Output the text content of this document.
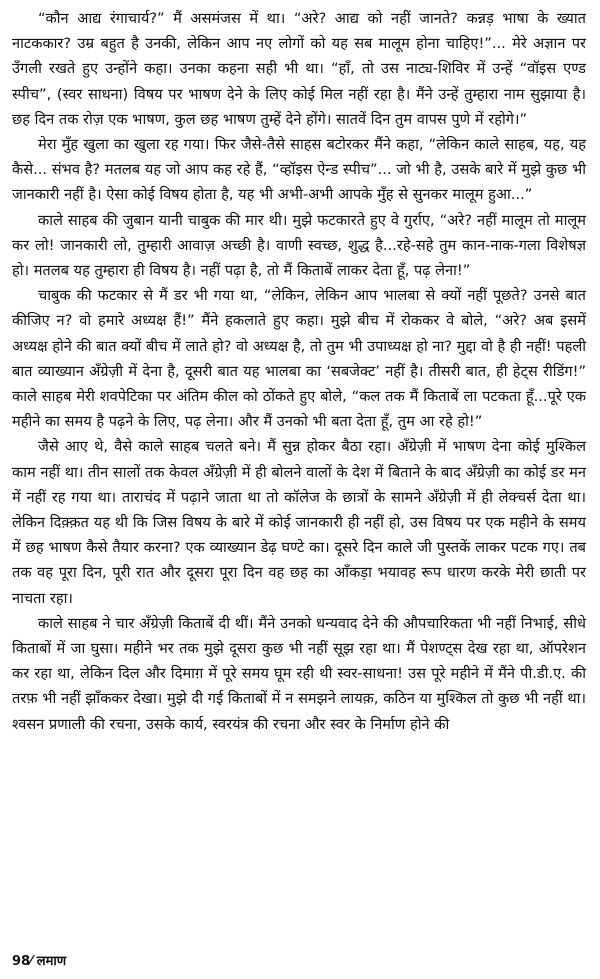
“कौन आद्य रंगाचार्य?” मैं असमंजस में था। “अरे? आद्य को नहीं जानते? कन्नड़ भाषा के ख्यात नाटककार? उम्र बहुत है उनकी, लेकिन आप नए लोगों को यह सब मालूम होना चाहिए!”... मेरे अज्ञान पर उँगली रखते हुए उन्होंने कहा। उनका कहना सही भी था। “हाँ, तो उस नाट्य-शिविर में उन्हें “वॉइस एण्ड स्पीच”, (स्वर साधना) विषय पर भाषण देने के लिए कोई मिल नहीं रहा है। मैंने उन्हें तुम्हारा नाम सुझाया है। छह दिन तक रोज़ एक भाषण, कुल छह भाषण तुम्हें देने होंगे। सातवें दिन तुम वापस पुणे में रहोगे।”

मेरा मुँह खुला का खुला रह गया। फिर जैसे-तैसे साहस बटोरकर मैंने कहा, “लेकिन काले साहब, यह, यह कैसे... संभव है? मतलब यह जो आप कह रहे हैं, “व्हॉइस ऐन्ड स्पीच”... जो भी है, उसके बारे में मुझे कुछ भी जानकारी नहीं है। ऐसा कोई विषय होता है, यह भी अभी-अभी आपके मुँह से सुनकर मालूम हुआ...”

काले साहब की जुबान यानी चाबुक की मार थी। मुझे फटकारते हुए वे गुर्राए, “अरे? नहीं मालूम तो मालूम कर लो! जानकारी लो, तुम्हारी आवाज़ अच्छी है। वाणी स्वच्छ, शुद्ध है...रहे-सहे तुम कान-नाक-गला विशेषज्ञ हो। मतलब यह तुम्हारा ही विषय है। नहीं पढ़ा है, तो मैं किताबें लाकर देता हूँ, पढ़ लेना!”

चाबुक की फटकार से मैं डर भी गया था, “लेकिन, लेकिन आप भालबा से क्यों नहीं पूछते? उनसे बात कीजिए न? वो हमारे अध्यक्ष हैं!” मैंने हकलाते हुए कहा। मुझे बीच में रोककर वे बोले, “अरे? अब इसमें अध्यक्ष होने की बात क्यों बीच में लाते हो? वो अध्यक्ष है, तो तुम भी उपाध्यक्ष हो ना? मुद्दा वो है ही नहीं! पहली बात व्याख्यान अँग्रेज़ी में देना है, दूसरी बात यह भालबा का ‘सबजेक्ट’ नहीं है। तीसरी बात, ही हेट्स रीडिंग!” काले साहब मेरी शवपेटिका पर अंतिम कील को ठोंकते हुए बोले, “कल तक मैं किताबें ला पटकता हूँ...पूरे एक महीने का समय है पढ़ने के लिए, पढ़ लेना। और मैं उनको भी बता देता हूँ, तुम आ रहे हो!”

जैसे आए थे, वैसे काले साहब चलते बने। मैं सुन्न होकर बैठा रहा। अँग्रेज़ी में भाषण देना कोई मुश्किल काम नहीं था। तीन सालों तक केवल अँग्रेज़ी में ही बोलने वालों के देश में बिताने के बाद अँग्रेज़ी का कोई डर मन में नहीं रह गया था। ताराचंद में पढ़ाने जाता था तो कॉलेज के छात्रों के सामने अँग्रेज़ी में ही लेक्चर्स देता था। लेकिन दिक़्क़त यह थी कि जिस विषय के बारे में कोई जानकारी ही नहीं हो, उस विषय पर एक महीने के समय में छह भाषण कैसे तैयार करना? एक व्याख्यान डेढ़ घण्टे का। दूसरे दिन काले जी पुस्तकें लाकर पटक गए। तब तक वह पूरा दिन, पूरी रात और दूसरा पूरा दिन वह छह का आँकड़ा भयावह रूप धारण करके मेरी छाती पर नाचता रहा।

काले साहब ने चार अँग्रेज़ी किताबें दी थीं। मैंने उनको धन्यवाद देने की औपचारिकता भी नहीं निभाई, सीधे किताबों में जा घुसा। महीने भर तक मुझे दूसरा कुछ भी नहीं सूझ रहा था। मैं पेशण्ट्स देख रहा था, ऑपरेशन कर रहा था, लेकिन दिल और दिमाग़ में पूरे समय घूम रही थी स्वर-साधना! उस पूरे महीने में मैंने पी.डी.ए. की तरफ़ भी नहीं झाँककर देखा। मुझे दी गई किताबों में न समझने लायक़, कठिन या मुश्किल तो कुछ भी नहीं था। श्वसन प्रणाली की रचना, उसके कार्य, स्वरयंत्र की रचना और स्वर के निर्माण होने की

98⁄ लमाण
